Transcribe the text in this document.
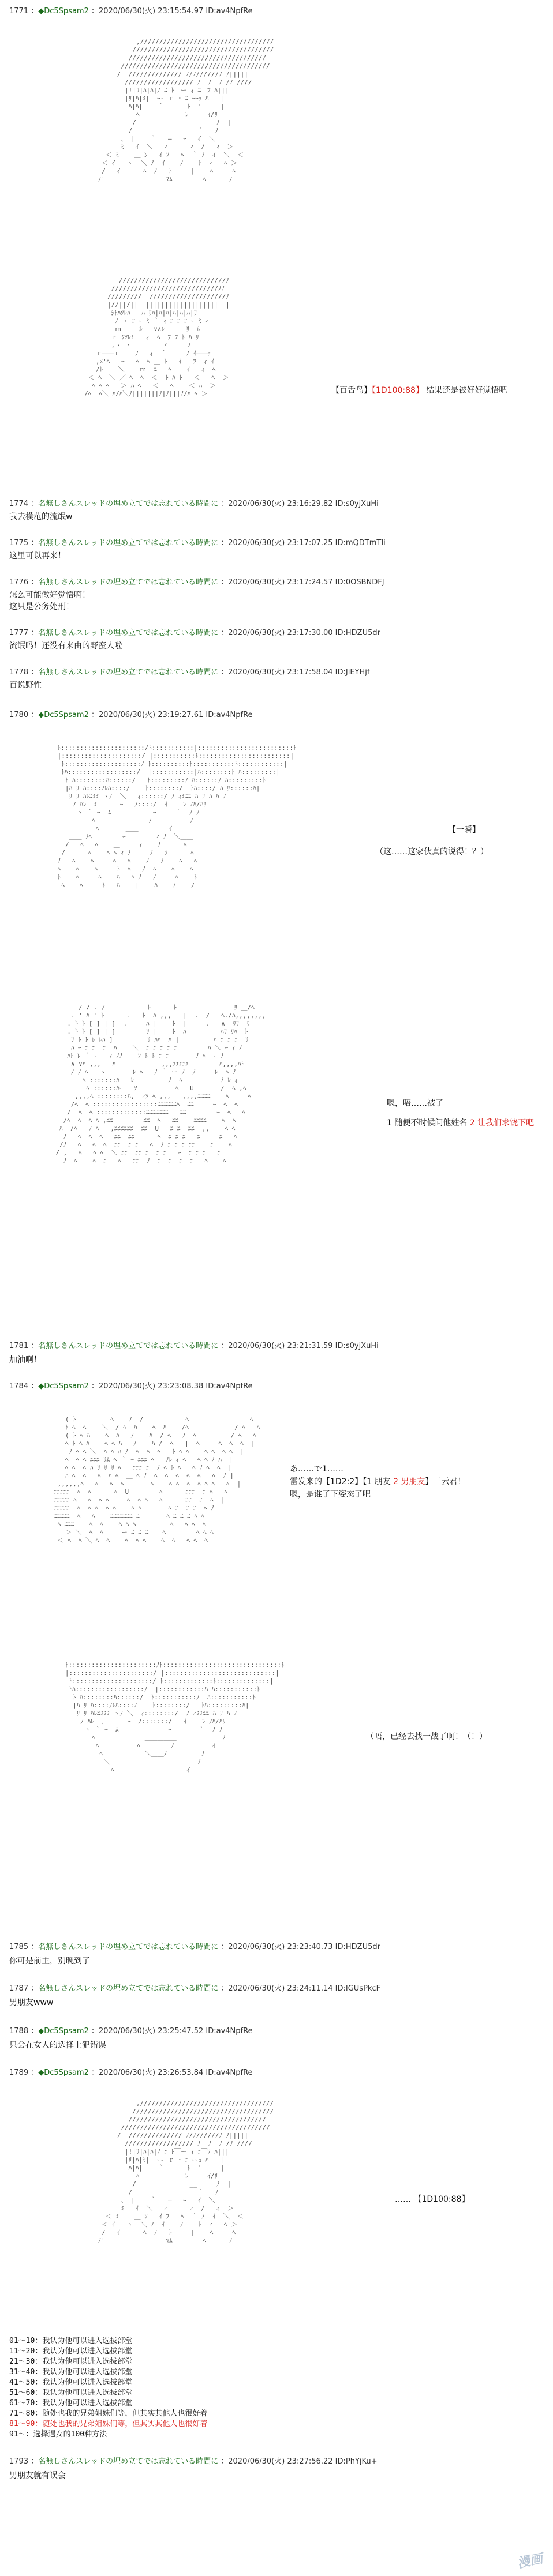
1771 ：◆Dc5Spsam2 ：2020/06/30(火) 23:15:54.97 ID:av4NpfRe
,///////////////////////////////////
/////////////////////////////////////
////////////////////////////////////
///////////////////////////////////////
/  ////////////// ﾉ/ﾉ//////ﾉ ﾉ|||||
////////////////// ﾉ  ﾉ  ﾉ /ﾉ ////
|!|ﾘ|ﾊ|ﾊ|ﾉ ﾆ ﾄ￣ー ｨ ﾆ￣ﾌ ﾊ|||
|ﾘ|ﾊ|ﾐ|  ｰ- ｒ ･ ﾆ ｰｰｭ ﾊ   |
ﾊ|ﾊ|    ｀      ﾄ  '     |
ﾍ            ﾚ     ｲ/ﾘ
/              __     ﾉ  |
/                 ｀   ﾉ
、 |    ｀   ―   ｰ   ｲ  ＼
ﾐ   ｲ  ＼   ｨ      ｨ  /   ｨ  ＞
＜ ﾐ    ＿ ﾝ   ｲ ﾌ   ﾍ  ｀ ﾉ  ｲ  ＼  ＜
＜ ｲ   ヽ  ＼ ﾉ  ｲ    ﾉ    ﾄ  ｨ   ﾍ ＞
/   ｲ      ﾍ  ﾉ   ﾄ     |    ﾍ     ﾍ
ﾉ'                ﾏﾑ        ﾍ      ﾉ

////////////////////////////ﾉ
////////////////////////////ﾉﾉ
/////////  ////////////////////ﾉ
|//||/||  |||||||||||||||||||  |
ｼﾄﾊｿﾚﾊ   ﾊ ﾘﾊ|ﾊ|ﾊ|ﾊ|ﾊ|ﾊ|ﾘ
ﾉ ヽ ﾆ ｰ ﾐ ｀ ｨ ﾆ ﾆ ﾆ ｰ ﾐ ｨ
ｍ  ＿ ﾙ   ∨∧ﾚ   ＿ ﾘ  ﾙ
ｒ ｼｿﾚ!   ｨ  ﾍ  ﾌ ﾌ ﾄ ﾊ ﾘ
,ヽ ヽ        ヾ     ﾉ
ｒ―――ｒ    ﾉ   ｨ  ｀     ﾉ ｲ―――ｭ
,ﾒ'ﾍ   ｰ   ﾍ  ﾍ ＿ ﾄ   ｲ   ﾌ  ｨ ｲ
/ﾄ    ＼    ｍ  ﾆ   ﾍ    ｲ   ｨ  ﾍ
＜ ﾍ  ＼ ／ ﾍ  ﾍ  ＜  ﾄ ﾊ ﾄ   ＜   ﾍ  ＞
ﾍ ﾍ ﾍ   ＞ ﾊ ﾍ   ＜   ﾍ    ＜ ﾊ  ＞
/ﾍ  ﾍ＼ ﾊ/ﾊ＼ﾉ|||||||ﾉ|ﾉ|||ﾉ/ﾊ ﾍ ＞	【百舌鸟】【1D100:88】 结果还是被好好觉悟吧
1774 ：名無しさんスレッドの埋め立てでは忘れている時間に ：2020/06/30(火) 23:16:29.82 ID:s0yjXuHi
我去模范的流氓w
1775 ：名無しさんスレッドの埋め立てでは忘れている時間に ：2020/06/30(火) 23:17:07.25 ID:mQDTmTIi
这里可以再来！
1776 ：名無しさんスレッドの埋め立てでは忘れている時間に ：2020/06/30(火) 23:17:24.57 ID:0OSBNDFJ
怎么可能做好觉悟啊！
这只是公务处刑！
1777 ：名無しさんスレッドの埋め立てでは忘れている時間に ：2020/06/30(火) 23:17:30.00 ID:HDZU5dr
流氓吗！还没有来由的野蛮人啦
1778 ：名無しさんスレッドの埋め立てでは忘れている時間に ：2020/06/30(火) 23:17:58.04 ID:JiEYHjf
百说野性
1780 ：◆Dc5Spsam2 ：2020/06/30(火) 23:19:27.61 ID:av4NpfRe
ﾄ::::::::::::::::::::::/ﾄ:::::::::::|:::::::::::::::::::::::::ﾄ
|:::::::::::::::::::::/ |:::::::::::ﾄ::::::::::::::::::::::::|
ﾄ::::::::::::::::::::ﾉ ﾄ::::::::::ﾄ:::::::::::ﾄ::::::::::::|
ﾄﾊ::::::::::::::::::/  |:::::::::::|ﾊ::::::::ﾄ ﾊ:::::::::|
ﾄ ﾊ::::::::ﾊ::::::/   ﾄ:::::::::ﾉ ﾊ::::::ﾉ ﾊ:::::::::ﾄ
|ﾊ ﾘ ﾊ::::ﾉﾚﾊ::::/    ﾄ::::::::/  ﾄﾊ::::/ ﾊ ﾘ::::::ﾊ|
ﾘ ﾘ ﾊﾚﾆﾐﾐ ヽﾉ  ＼   ｨ::::::/ ﾉ ｨﾐﾆﾆ ﾊ ﾘ ﾊ ﾊ ﾉ
ﾉ ﾊﾚ  ﾐ      ｰ   ﾉ::::/  ｲ    ﾚ ﾉﾊ/ﾊﾘ
ヽ ｀ ｰ  ﾑ           ｰ     ｀  ﾉ ﾉ
ﾍ              ﾉ          ﾉ
ﾍ       ＿＿        ｲ
＿＿ ﾉﾍ        ｰ        ｨ ﾉ  ＼＿＿
/   ﾍ   ﾍ    ＿     ｨ    ﾉ      ﾍ
/      ﾍ    ﾍ ﾍ ｨ ﾉ     ﾉ   ﾌ      ﾍ
ﾉ   ﾍ    ﾍ     ﾍ   ﾍ    ﾉ   ﾉ    ﾍ   ﾍ
ﾍ    ﾍ    ﾍ     ﾄ  ﾍ   ﾉ  ﾍ    ﾍ    ﾍ
ﾄ    ﾍ     ﾍ    ﾊ   ﾍ ﾉ   ﾉ     ﾍ    ﾄ
ﾍ    ﾍ     ﾄ   ﾊ    |    ﾊ    ﾉ    ﾉ

【一瞬】
（这……这家伙真的说得！？）
/ / . /           ﾄ      ﾄ               ﾘ ＿/ﾍ
. ' ﾊ ' ﾄ      .   ﾄ  ﾊ ,,,   |  .  /   ﾍ./ﾊ,,,,,,,,
. ﾄ ﾄ [ ] | ]  .     ﾊ |    ﾄ  |     .   ∧  ﾘﾘ  ﾘ
. ﾄ ﾄ [ ] | ]        ﾘ |    ﾄ  ﾊ         ﾊﾘ ﾘﾊ  ﾄ
ﾘ ﾄ ﾄ ﾚ ﾚﾊ ]         ﾘ ﾊﾊ  ﾊ |         ﾊ ﾆ ﾆ ﾆ  ﾘ
ﾊ ｰ ﾆ ﾆ  ﾆ  ﾊ    ＼  ﾆ ﾆ ﾆ ﾆ ﾆ        ﾊ ＼ ｰ ｨ ﾉ
ﾊﾄ ﾚ ｀ ｰ   ｨ ﾉﾉ    ﾌ ﾄ ﾄ ﾆ ﾆ       ﾉ ﾍ  ｰ ﾉ
∧ ∨ﾊ ,,,   ﾊ            ,,,ｴｴｴｴｴ        ﾊ,,,,ﾊﾄ
ﾉ ﾉ ﾍ   ヽ       ﾚ ﾍ   ﾉ ｀ ー ﾉ  ﾉ     ﾚ  ﾍ ﾉ
ﾍ :::::::ﾊ   ﾚ         ﾉ  ﾍ          ﾉ ﾚ ｨ
ﾍ ::::::ﾊｰ   ｿ          ﾍ   U       /  ﾍ ,ﾍ
,,,,ﾍ ::::::::ﾊ,  ｨｿ ﾍ ,,,   ,,,,ﾆﾆﾆﾆ    ﾍ     ﾍ
/ﾍ  ﾍ :::::::::::::::::ﾆﾆﾆﾆﾆﾆﾍ  ﾆﾆ     ｰ  ﾍ  ﾍ
/  ﾍ  ﾍ :::::::::::::ﾆﾆﾆﾆﾆﾆﾆ   ﾆﾆ        ｰ  ﾍ   ﾍ
/ﾍ  ﾍ  ﾍ ﾍ ,ﾆﾆ        ﾆﾆ  ﾍ   ﾆﾆ    ﾆﾆﾆﾆ    ﾍ  ﾍ
ﾊ  /ﾍ   ﾉ ﾍ   ,ﾆﾆﾆﾆﾆﾆ  ﾆﾆ  U   ﾆ ﾆ  ﾆﾆ  ,,    ﾍ ﾍ
ﾉ   ﾍ  ﾍ  ﾍ   ﾆﾆ  ﾆﾆ      ﾍ  ﾆ ﾆ ﾆ   ﾆ     ﾆ   ﾍ
/ﾉ   ﾍ   ﾍ  ﾍ  ﾆﾆ  ﾆ ﾆ   ﾍ  ﾉ ﾆ ﾆ ﾆ ﾆﾆ    ﾆ    ﾍ
/ ,   ﾍ   ﾍ ﾍ  ＼ ﾆﾆ  ﾆﾆ ﾆ  ﾆ ﾆ   ｰ  ﾆ ﾆ ﾆ   ﾆ
ﾉ  ﾍ    ﾍ  ﾆ   ﾍ   ﾆﾆ  ﾉ  ﾆ  ﾆ  ﾆ  ﾆ   ﾍ    ﾍ

嗯，唔……被了
1 随便不时候问他姓名 2 让我们求饶下吧
1781 ：名無しさんスレッドの埋め立てでは忘れている時間に ：2020/06/30(火) 23:21:31.59 ID:s0yjXuHi
加油啊！
1784 ：◆Dc5Spsam2 ：2020/06/30(火) 23:23:08.38 ID:av4NpfRe
( ﾄ         ﾍ    ﾉ  /           ﾍ                ﾍ
ﾄ ﾍ  ﾍ    ＼  / ﾍ  ﾊ    ﾍ  ﾊ    /ﾍ            / ﾍ   ﾍ
( ﾄ ﾍ ﾊ    ﾍ  ﾊ   ﾉ    ﾊ  / ﾍ   ﾉ  ﾍ         / ﾍ   ﾍ
ﾍ ﾄ ﾍ ﾊ    ﾍ ﾍ ﾊ   ﾉ    ﾊ /  ﾍ   |  ﾍ     ﾍ  ﾍ  ﾍ  |
ﾉ ﾍ ﾍ ＼  ﾍ ﾍ ﾊ ﾉ  ﾍ  ﾍ  ﾍ   ﾄ ﾍ ﾍ    ﾍ ﾍ  ﾍ ﾍ  |
ﾍ  ﾍ ﾍ ﾆﾆﾆ ﾘﾑ ﾍ ｀ ｰ ﾆﾆﾆ ﾍ   ﾉﾚ ｨ ﾍ   ﾍ ﾍ ﾉ ﾊ  |
ﾍ ﾍ  ﾍ ﾊ ﾘ ﾘ ﾘ ﾍ   ﾆﾆﾆ ﾆ  ﾉ ﾍ ﾄ ﾍ   ﾍ ﾉ ﾍ  ﾍ  |
ﾊ ﾍ  ﾍ   ﾍ  ﾊ ﾍ  ＿ ﾍ ﾉ  ﾍ  ﾍ  ﾍ  ﾍ  ﾍ   ﾍ  ﾉ |
,,,,,,ﾍ   ﾍ   ﾍ  ﾍ       ﾍ    ﾍ ﾍ  ﾍ  ﾍ ﾍ ﾍ   ﾍ  |
ﾆﾆﾆﾆﾆ  ﾍ  ﾍ      ﾍ  U        ﾍ      ﾆﾆﾆ  ﾆ ﾍ   ﾍ
ﾆﾆﾆﾆﾆ ﾍ   ﾍ  ﾍ ﾍ ＿  ﾍ  ﾍ ﾍ   ﾍ      ﾆﾆ  ﾆ  ﾍ  |
ﾆﾆﾆﾆﾆ  ﾍ  ﾍ ﾍ  ﾍ ﾍ    ﾍ ﾍ       ﾍ ﾆ  ﾆ ﾆ  ﾍ ﾉ
ﾆﾆﾆﾆﾆ  ﾍ   ﾍ    ﾆﾆﾆﾆﾆﾆﾆ ﾆ       ﾍ ﾆ ﾆ ﾆ ﾍ ﾍ
ﾍ ﾆﾆﾆ    ﾍ  ﾍ    ﾍ ﾍ ﾍ         ﾍ   ﾍ ﾍ  ﾍ
＞ ＼  ﾍ  ﾍ  ＿ ー ﾆ ﾆ ﾆ ＿ ﾍ        ﾍ ﾍ ﾍ
＜ ﾍ  ﾍ ＼ ﾍ  ﾍ    ﾍ  ﾍ ﾍ    ﾍ  ﾍ   ﾍ ﾍ  ﾍ

あ……で1……
雷发来的【1D2:2】【1 朋友 2 男朋友】三云君！
嗯，是谁了下姿态了吧
ﾄ:::::::::::::::::::::::ﾉﾄ:::::::::::::::::::::::::::::::ﾄ
|::::::::::::::::::::::/ |:::::::::::::::::::::::::::::|
ﾄ:::::::::::::::::::::/ ﾄ:::::::::::::ﾄ::::::::::::::|
ﾄﾊ::::::::::::::::::ﾉ  |::::::::::::ﾊ ﾊ:::::::::::ﾄ
ﾄ ﾊ::::::::ﾊ::::::/  ﾄ:::::::::::ﾉ  ﾊ:::::::::::ﾄ
|ﾊ ﾘ ﾊ::::ﾉﾚﾊ::::ﾉ    ﾄ::::::::/   ﾄﾊ:::::::::ﾊ|
ﾘ ﾘ ﾊﾚﾆﾐﾐﾐ ヽﾉ ＼  ｨ::::::::/  ﾉ ｨﾐﾐﾆﾆ ﾊ ﾘ ﾊ ﾉ
ﾉ ﾊﾚ  ､      ｰ  ﾉ:::::::/   ｲ    ﾚ ﾉﾊ/ﾊﾘ
ヽ ｀ ｰ  ﾑ             ｰ       ｀  ﾉ ﾉ
ﾍ             ＿＿＿＿＿            ﾉ
ﾍ          ﾍ        ﾉ          ｲ
ﾍ           ＼＿＿ﾉ         ﾉ
＼                       ﾉ
ﾍ                   ｲ

（唔，已经去找一战了啊！（！）
1785 ：名無しさんスレッドの埋め立てでは忘れている時間に ：2020/06/30(火) 23:23:40.73 ID:HDZU5dr
你可是前主，别晚到了
1787 ：名無しさんスレッドの埋め立てでは忘れている時間に ：2020/06/30(火) 23:24:11.14 ID:IGUsPkcF
男朋友www
1788 ：◆Dc5Spsam2 ：2020/06/30(火) 23:25:47.52 ID:av4NpfRe
只会在女人的选择上犯错误
1789 ：◆Dc5Spsam2 ：2020/06/30(火) 23:26:53.84 ID:av4NpfRe
,///////////////////////////////////
/////////////////////////////////////
////////////////////////////////////
///////////////////////////////////////
/  ////////////// ﾉ/ﾉ//////ﾉ ﾉ|||||
////////////////// ﾉ  ﾉ  ﾉ /ﾉ ////
|!|ﾘ|ﾊ|ﾊ|ﾉ ﾆ ﾄ￣ー ｨ ﾆ￣ﾌ ﾊ|||
|ﾘ|ﾊ|ﾐ|  ｰ- ｒ ･ ﾆ ｰｰｭ ﾊ   |
ﾊ|ﾊ|    ｀      ﾄ  '     |
ﾍ            ﾚ     ｲ/ﾘ
/              __     ﾉ  |
/                 ｀   ﾉ
、 |    ｀   ―   ｰ   ｲ  ＼
ﾐ   ｲ  ＼   ｨ      ｨ  /   ｨ  ＞
＜ ﾐ    ＿ ﾝ   ｲ ﾌ   ﾍ  ｀ ﾉ  ｲ  ＼  ＜
＜ ｲ   ヽ  ＼ ﾉ  ｲ    ﾉ    ﾄ  ｨ   ﾍ ＞
/   ｲ      ﾍ  ﾉ   ﾄ     |    ﾍ     ﾍ
ﾉ'                ﾏﾑ        ﾍ      ﾉ

…… 【1D100:88】
01～10：我认为他可以进入选拔部堂
11～20：我认为他可以进入选拔部堂
21～30：我认为他可以进入选拔部堂
31～40：我认为他可以进入选拔部堂
41～50：我认为他可以进入选拔部堂
51～60：我认为他可以进入选拔部堂
61～70：我认为他可以进入选拔部堂
71～80：随处也我的兄弟姐妹们等，但其实其他人也很好着
81～90：随处也我的兄弟姐妹们等，但其实其他人也很好着
91～：选择遇女的100种方法
1793 ：名無しさんスレッドの埋め立てでは忘れている時間に ：2020/06/30(火) 23:27:56.22 ID:PhYjKu+
男朋友就有误会
漫画
